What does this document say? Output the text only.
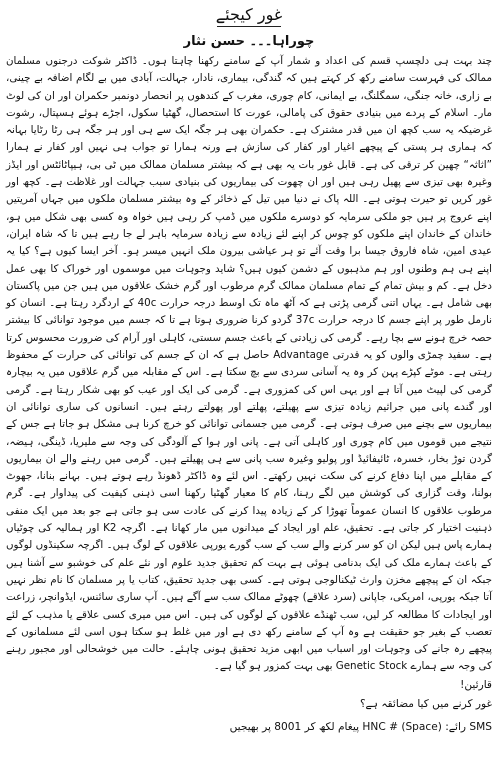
غور کیجئے

چوراہا۔۔۔ حسن نثار

چند بہت ہی دلچسپ قسم کی اعداد و شمار آپ کے سامنے رکھنا چاہتا ہوں۔ ڈاکٹر شوکت درجنوں مسلمان ممالک کی فہرست سامنے رکھ کر کہتے ہیں کہ گندگی، بیماری، نادار، جہالت، آبادی میں بے لگام اضافہ بے چینی، بے زاری، خانہ جنگی، سمگلنگ، بے ایمانی، کام چوری، مغرب کے کندھوں پر انحصار دونمبر حکمران اور ان کی لوٹ مار۔ اسلام کے پردے میں بنیادی حقوق کی پامالی، عورت کا استحصال، گھٹیا سکول، اجڑے ہوئے ہسپتال، رشوت غرضیکہ یہ سب کچھ ان میں قدر مشترک ہے۔ حکمران بھی ہر جگہ ایک سے ہی اور ہر جگہ ہی رٹا رٹایا بہانہ کہ ہماری ہر پستی کے پیچھے اغیار اور کفار کی سازش ہے ورنہ ہمارا تو جواب ہی نہیں اور کفار نے ہمارا ”اثاثہ“ چھین کر ترقی کی ہے۔ قابل غور بات یہ بھی ہے کہ بیشتر مسلمان ممالک میں ٹی بی، ہیپاٹائٹس اور ایڈز وغیرہ بھی تیزی سے پھیل رہی ہیں اور ان چھوت کی بیماریوں کی بنیادی سبب جہالت اور غلاظت ہے۔ کچھ اور غور کریں تو حیرت ہوتی ہے۔ اللہ پاک نے دنیا میں تیل کے ذخائر کے وہ بیشتر مسلمان ملکوں میں جہاں آمریتیں اپنے عروج پر ہیں جو ملکی سرمایہ کو دوسرے ملکوں میں ڈمپ کر رہی ہیں خواہ وہ کسی بھی شکل میں ہو، خاندان کے خاندان اپنے ملکوں کو چوس کر اپنے لئے زیادہ سے زیادہ سرمایہ باہر لے جا رہے ہیں تا کہ شاہ ایران، عیدی امین، شاہ فاروق جیسا برا وقت آئے تو ہر عیاشی بیرون ملک انہیں میسر ہو۔ آخر ایسا کیوں ہے؟ کیا یہ اپنے ہی ہم وطنوں اور ہم مذہبوں کے دشمن کیوں ہیں؟ شاید وجوہات میں موسموں اور خوراک کا بھی عمل دخل ہے۔ کم و بیش تمام کے تمام مسلمان ممالک گرم مرطوب اور گرم خشک علاقوں میں ہیں جن میں پاکستان بھی شامل ہے۔ یہاں اتنی گرمی پڑتی ہے کہ آٹھ ماہ تک اوسط درجہ حرارت 40c کے اردگرد رہتا ہے۔ انسان کو نارمل طور پر اپنے جسم کا درجہ حرارت 37c گردو کرنا ضروری ہوتا ہے تا کہ جسم میں موجود توانائی کا بیشتر حصہ خرچ ہونے سے بچا رہے۔ گرمی کی زیادتی کے باعث جسم سستی، کاہلی اور آرام کی ضرورت محسوس کرتا ہے۔ سفید چمڑی والوں کو یہ قدرتی Advantage حاصل ہے کہ ان کے جسم کی توانائی کی حرارت کے محفوظ رہتی ہے۔ موٹے کپڑے پہن کر وہ یہ آسانی سردی سے بچ سکتا ہے۔ اس کے مقابلہ میں گرم علاقوں میں یہ بیچارہ گرمی کی لپیٹ میں آتا ہے اور یہی اس کی کمزوری ہے۔ گرمی کی ایک اور عیب کو بھی شکار رہتا ہے۔ گرمی اور گندے پانی میں جراثیم زیادہ تیزی سے پھیلتے، پھلتے اور پھولتے رہتے ہیں۔ انسانوں کی ساری توانائی ان بیماریوں سے بچنے میں صرف ہوتی ہے۔ گرمی میں جسمانی توانائی کو خرچ کرنا ہی مشکل ہو جاتا ہے جس کے نتیجے میں قوموں میں کام چوری اور کاہلی آتی ہے۔ پانی اور ہوا کے آلودگی کی وجہ سے ملیریا، ڈینگی، ہیضہ، گردن توڑ بخار، خسرہ، ٹائیفائیڈ اور پولیو وغیرہ سب پانی سے ہی پھیلتے ہیں۔ گرمی میں رہنے والے ان بیماریوں کے مقابلے میں اپنا دفاع کرنے کی سکت نہیں رکھتے۔ اس لئے وہ ڈاکٹر ڈھونڈ رہے ہوتے ہیں۔ بہانے بنانا، جھوٹ بولنا، وقت گزاری کی کوشش میں لگے رہنا، کام کا معیار گھٹیا رکھنا اسی ذہنی کیفیت کی پیداوار ہے۔ گرم مرطوب علاقوں کا انسان عموماً تھوڑا کر کے زیادہ پیدا کرنے کی عادت سی ہو جاتی ہے جو بعد میں ایک منفی ذہنیت اختیار کر جاتی ہے۔ تحقیق، علم اور ایجاد کے میدانوں میں مار کھانا ہے۔ اگرچہ K2 اور ہمالیہ کی چوٹیاں ہمارے پاس ہیں لیکن ان کو سر کرنے والے سب کے سب گورے یورپی علاقوں کے لوگ ہیں۔ اگرچہ سکینڈوں لوگوں کے باعث ہمارے ملک کی ایک بدنامی ہوئی ہے بہت کم تحقیق جدید علوم اور نئے علم کی خوشبو سے آشنا ہیں جبکہ ان کے پیچھے مخزن وارث ٹیکنالوجی ہوتی ہے۔ کسی بھی جدید تحقیق، کتاب یا پر مسلمان کا نام نظر نہیں آتا جبکہ یورپی، امریکی، جاپانی (سرد علاقے) چھوٹے ممالک سب سے آگے ہیں۔ آپ ساری سائنس، ایڈوانچر، زراعت اور ایجادات کا مطالعہ کر لیں، سب ٹھنڈے علاقوں کے لوگوں کی ہیں۔ اس میں میری کسی علاقے یا مذہب کے لئے تعصب کے بغیر جو حقیقت ہے وہ آپ کے سامنے رکھ دی ہے اور میں غلط ہو سکتا ہوں اسی لئے مسلمانوں کے پیچھے رہ جانے کی وجوہات اور اسباب میں ابھی مزید تحقیق ہونی چاہئے۔ حالت میں خوشحالی اور مجبور رہنے کی وجہ سے ہمارے Genetic Stock بھی بہت کمزور ہو گیا ہے۔

قارئین!

غور کرنے میں کیا مضائقہ ہے؟

SMS رائے: HNC # (Space) پیغام لکھ کر 8001 پر بھیجیں
